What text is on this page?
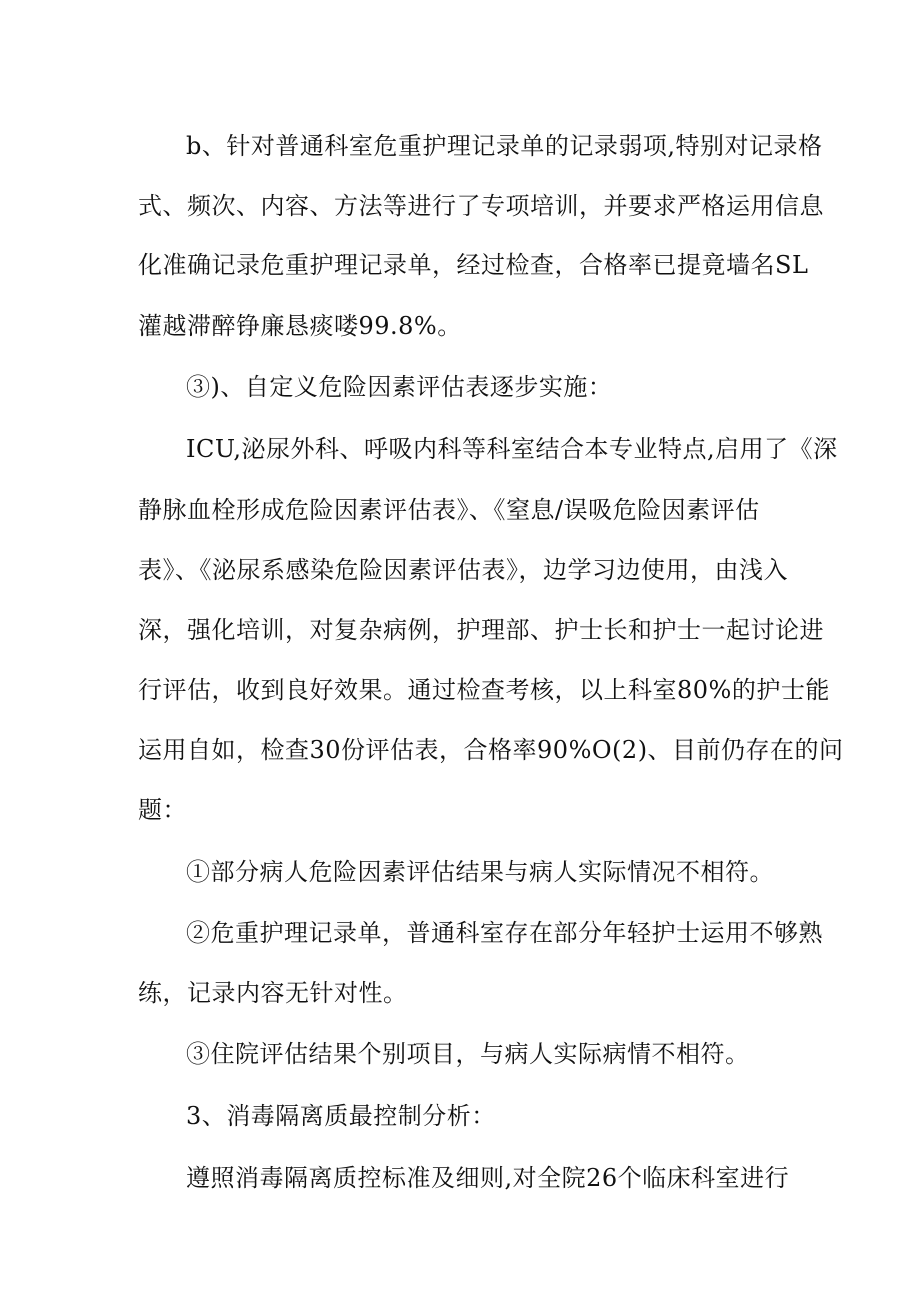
b、针对普通科室危重护理记录单的记录弱项,特别对记录格
式、频次、内容、方法等进行了专项培训，并要求严格运用信息
化准确记录危重护理记录单，经过检查，合格率已提竟墙名SL
灌越滞醉铮廉恳痰喽99.8%。
③)、自定义危险因素评估表逐步实施：
ICU,泌尿外科、呼吸内科等科室结合本专业特点,启用了《深
静脉血栓形成危险因素评估表》、《窒息/误吸危险因素评估
表》、《泌尿系感染危险因素评估表》，边学习边使用，由浅入
深，强化培训，对复杂病例，护理部、护士长和护士一起讨论进
行评估，收到良好效果。通过检查考核，以上科室80%的护士能
运用自如，检查30份评估表，合格率90%O(2)、目前仍存在的问
题：
①部分病人危险因素评估结果与病人实际情况不相符。
②危重护理记录单，普通科室存在部分年轻护士运用不够熟
练，记录内容无针对性。
③住院评估结果个别项目，与病人实际病情不相符。
3、消毒隔离质最控制分析：
遵照消毒隔离质控标准及细则,对全院26个临床科室进行
